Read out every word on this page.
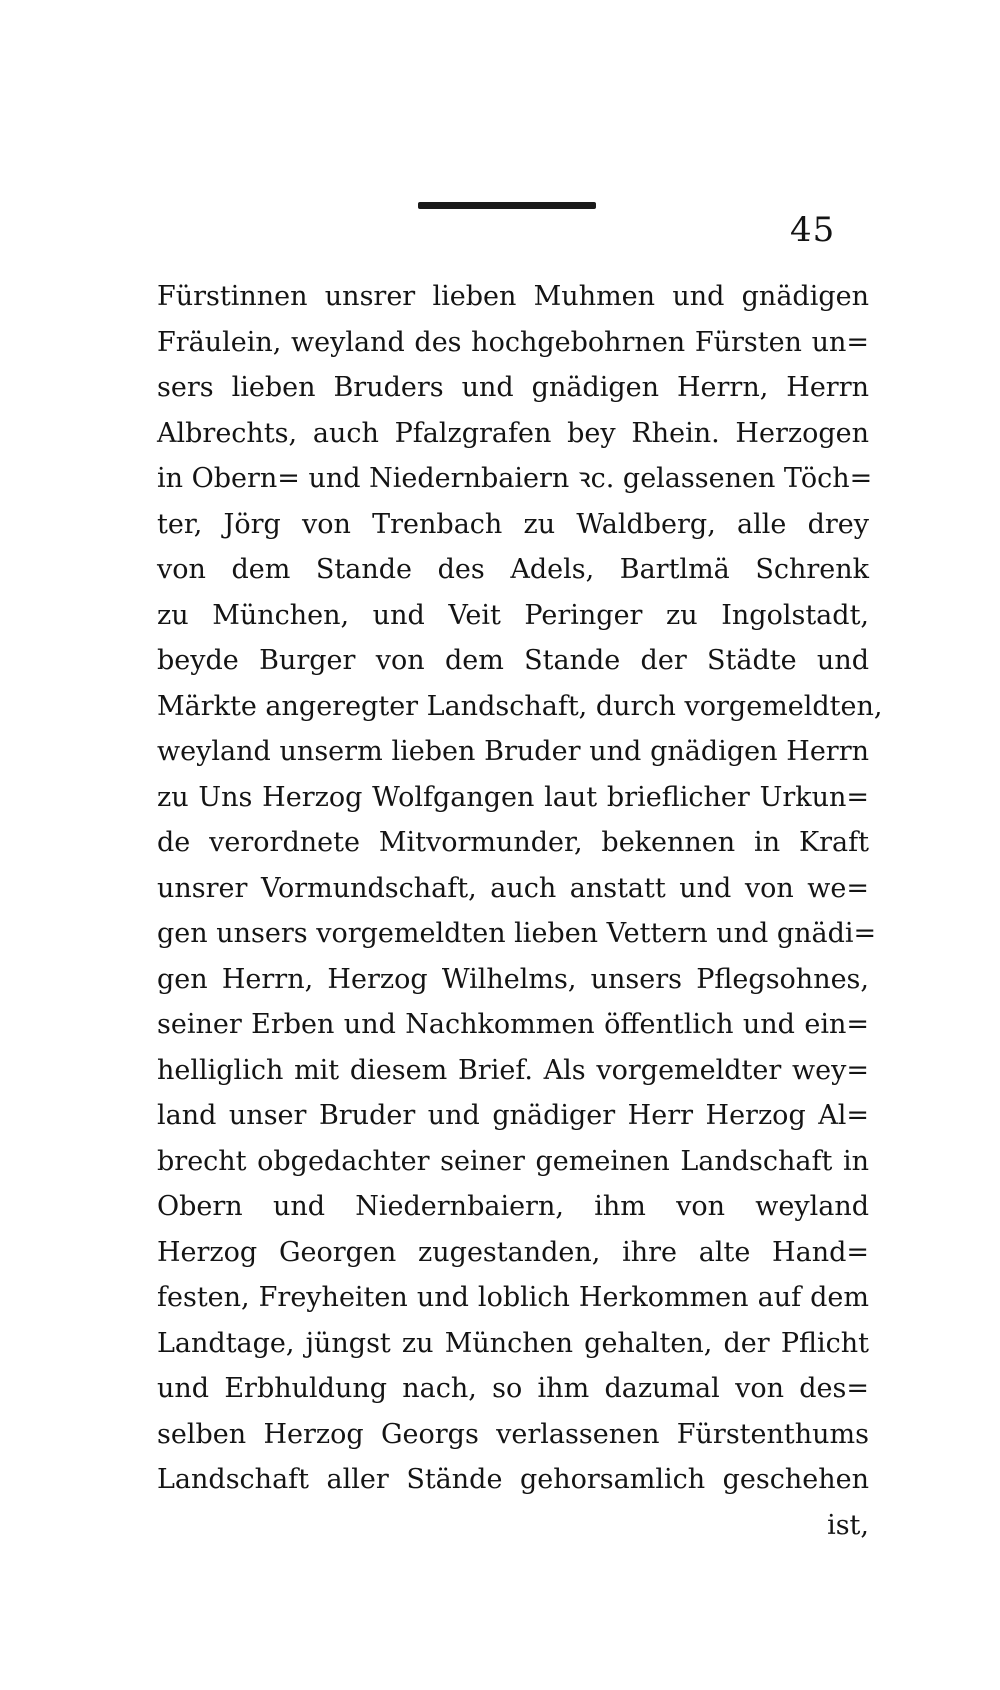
45
Fürstinnen unsrer lieben Muhmen und gnädigen
Fräulein, weyland des hochgebohrnen Fürsten un=
sers lieben Bruders und gnädigen Herrn, Herrn
Albrechts, auch Pfalzgrafen bey Rhein. Herzogen
in Obern= und Niedernbaiern ꝛc. gelassenen Töch=
ter, Jörg von Trenbach zu Waldberg, alle drey
von dem Stande des Adels, Bartlmä Schrenk
zu München, und Veit Peringer zu Ingolstadt,
beyde Burger von dem Stande der Städte und
Märkte angeregter Landschaft, durch vorgemeldten,
weyland unserm lieben Bruder und gnädigen Herrn
zu Uns Herzog Wolfgangen laut brieflicher Urkun=
de verordnete Mitvormunder, bekennen in Kraft
unsrer Vormundschaft, auch anstatt und von we=
gen unsers vorgemeldten lieben Vettern und gnädi=
gen Herrn, Herzog Wilhelms, unsers Pflegsohnes,
seiner Erben und Nachkommen öffentlich und ein=
helliglich mit diesem Brief. Als vorgemeldter wey=
land unser Bruder und gnädiger Herr Herzog Al=
brecht obgedachter seiner gemeinen Landschaft in
Obern und Niedernbaiern, ihm von weyland
Herzog Georgen zugestanden, ihre alte Hand=
festen, Freyheiten und loblich Herkommen auf dem
Landtage, jüngst zu München gehalten, der Pflicht
und Erbhuldung nach, so ihm dazumal von des=
selben Herzog Georgs verlassenen Fürstenthums
Landschaft aller Stände gehorsamlich geschehen
ist,
